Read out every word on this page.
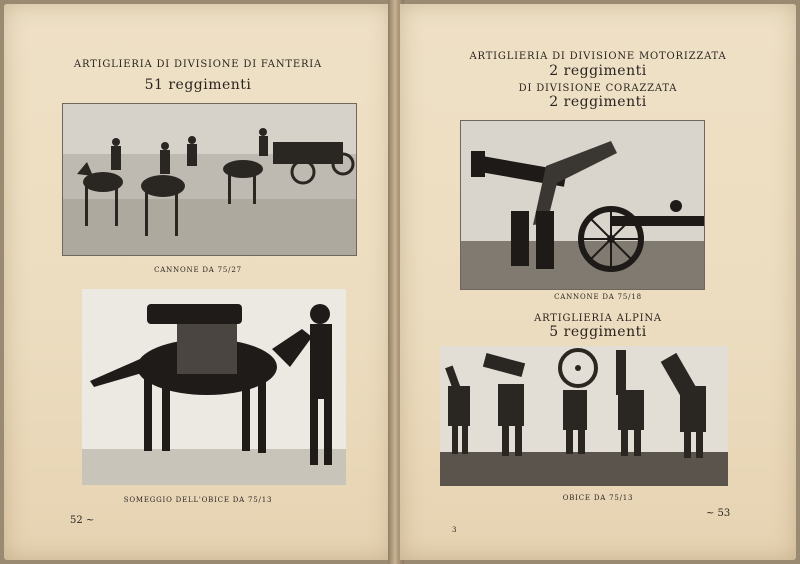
ARTIGLIERIA DI DIVISIONE DI FANTERIA
51 reggimenti
CANNONE DA 75/27
SOMEGGIO DELL'OBICE DA 75/13
52 ~
ARTIGLIERIA DI DIVISIONE MOTORIZZATA
2 reggimenti
DI DIVISIONE CORAZZATA
2 reggimenti
CANNONE DA 75/18
ARTIGLIERIA ALPINA
5 reggimenti
OBICE DA 75/13
~ 53
3
